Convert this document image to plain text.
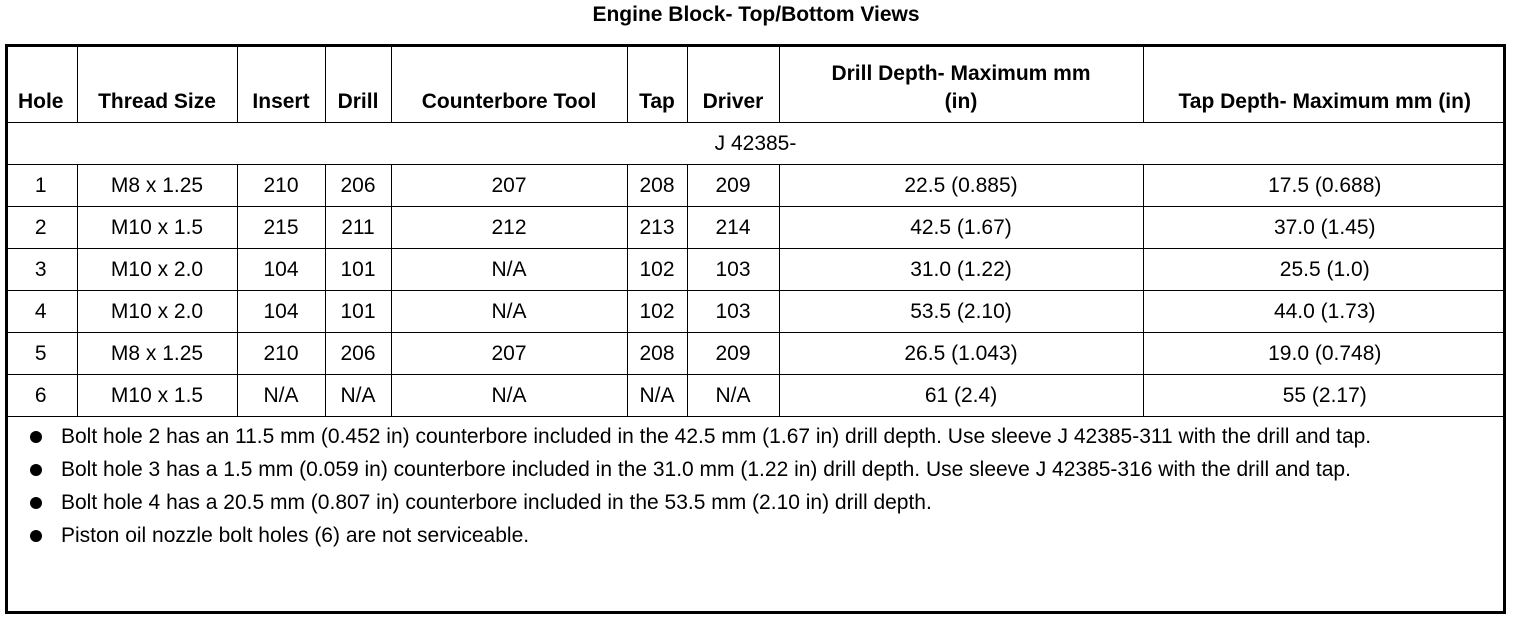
Engine Block- Top/Bottom Views
Hole	Thread Size	Insert	Drill	Counterbore Tool	Tap	Driver	Drill Depth- Maximum mm (in)	Tap Depth- Maximum mm (in)
J 42385-								
1	M8 x 1.25	210	206	207	208	209	22.5 (0.885)	17.5 (0.688)
2	M10 x 1.5	215	211	212	213	214	42.5 (1.67)	37.0 (1.45)
3	M10 x 2.0	104	101	N/A	102	103	31.0 (1.22)	25.5 (1.0)
4	M10 x 2.0	104	101	N/A	102	103	53.5 (2.10)	44.0 (1.73)
5	M8 x 1.25	210	206	207	208	209	26.5 (1.043)	19.0 (0.748)
6	M10 x 1.5	N/A	N/A	N/A	N/A	N/A	61 (2.4)	55 (2.17)
Bolt hole 2 has an 11.5 mm (0.452 in) counterbore included in the 42.5 mm (1.67 in) drill depth. Use sleeve J 42385-311 with the drill and tap.
Bolt hole 3 has a 1.5 mm (0.059 in) counterbore included in the 31.0 mm (1.22 in) drill depth. Use sleeve J 42385-316 with the drill and tap.
Bolt hole 4 has a 20.5 mm (0.807 in) counterbore included in the 53.5 mm (2.10 in) drill depth.
Piston oil nozzle bolt holes (6) are not serviceable.
